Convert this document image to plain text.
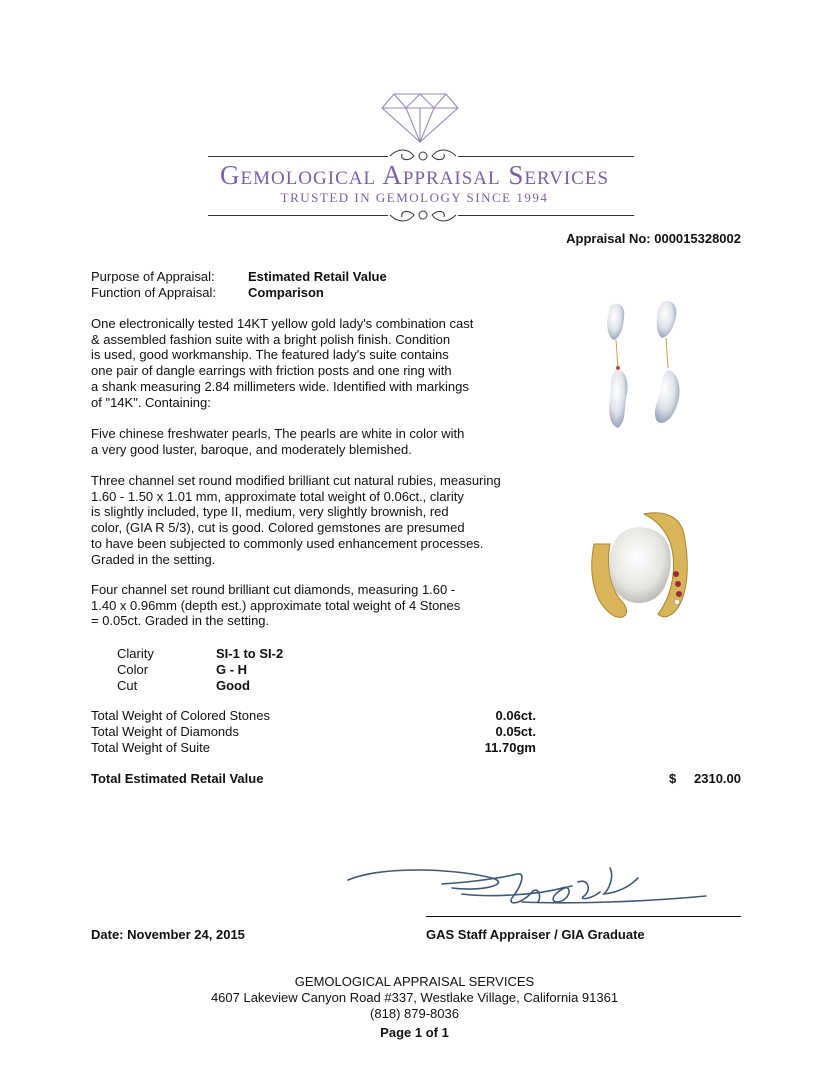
Gemological Appraisal Services
TRUSTED IN GEMOLOGY SINCE 1994
Appraisal No: 000015328002
Purpose of Appraisal:	Estimated Retail Value
Function of Appraisal: Comparison
One electronically tested 14KT yellow gold lady's combination cast
& assembled fashion suite with a bright polish finish. Condition
is used, good workmanship. The featured lady's suite contains
one pair of dangle earrings with friction posts and one ring with
a shank measuring 2.84 millimeters wide. Identified with markings
of "14K". Containing:
Five chinese freshwater pearls, The pearls are white in color with
a very good luster, baroque, and moderately blemished.
Three channel set round modified brilliant cut natural rubies, measuring
1.60 - 1.50 x 1.01 mm, approximate total weight of 0.06ct., clarity
is slightly included, type II, medium, very slightly brownish, red
color, (GIA R 5/3), cut is good. Colored gemstones are presumed
to have been subjected to commonly used enhancement processes.
Graded in the setting.
Four channel set round brilliant cut diamonds, measuring 1.60 -
1.40 x 0.96mm (depth est.) approximate total weight of 4 Stones
= 0.05ct. Graded in the setting.
Clarity	SI-1 to SI-2
Color	G - H
Cut	Good
Total Weight of Colored Stones	0.06ct.
Total Weight of Diamonds	0.05ct.
Total Weight of Suite	11.70gm
Total Estimated Retail Value	$ 2310.00
Date: November 24, 2015	GAS Staff Appraiser / GIA Graduate
GEMOLOGICAL APPRAISAL SERVICES
4607 Lakeview Canyon Road #337, Westlake Village, California 91361
(818) 879-8036
Page 1 of 1
